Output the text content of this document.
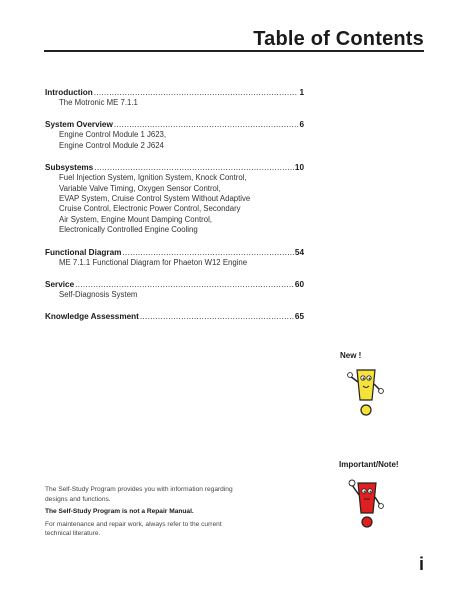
Table of Contents
Introduction .....	1
The Motronic ME 7.1.1
System Overview .....	6
Engine Control Module 1 J623,
Engine Control Module 2 J624
Subsystems .....	10
Fuel Injection System, Ignition System, Knock Control,
Variable Valve Timing, Oxygen Sensor Control,
EVAP System, Cruise Control System Without Adaptive
Cruise Control, Electronic Power Control, Secondary
Air System, Engine Mount Damping Control,
Electronically Controlled Engine Cooling
Functional Diagram .....	54
ME 7.1.1 Functional Diagram for Phaeton W12 Engine
Service .....	60
Self-Diagnosis System
Knowledge Assessment .....	65
New !
Important/Note!

The Self-Study Program provides you with information regarding designs and functions.

The Self-Study Program is not a Repair Manual.

For maintenance and repair work, always refer to the current technical literature.

i
